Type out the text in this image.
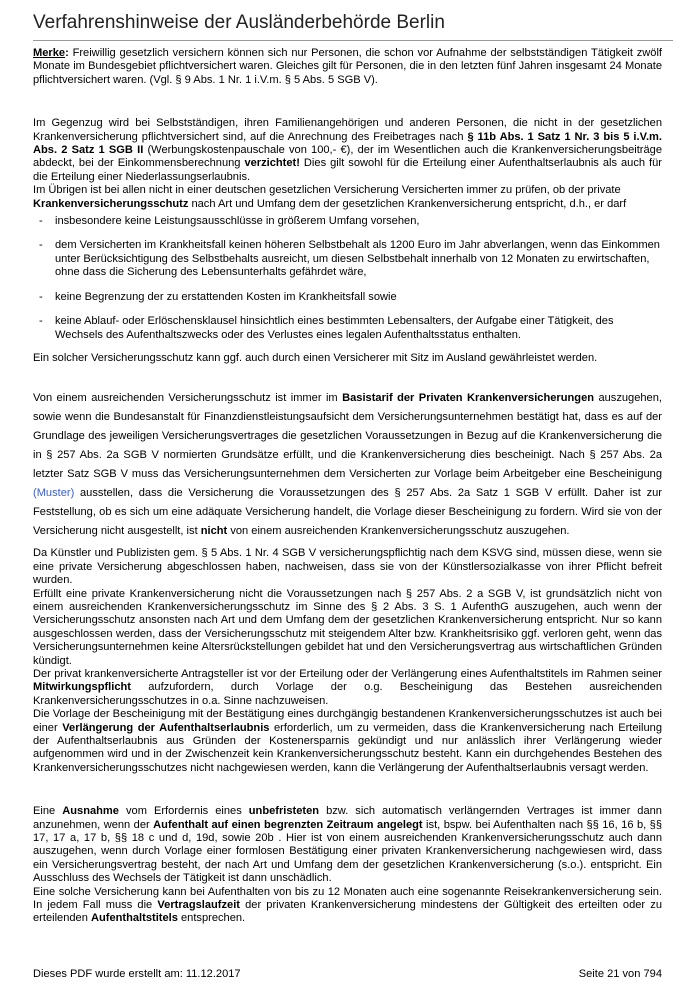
Verfahrenshinweise der Ausländerbehörde Berlin

Merke: Freiwillig gesetzlich versichern können sich nur Personen, die schon vor Aufnahme der selbstständigen Tätigkeit zwölf Monate im Bundesgebiet pflichtversichert waren. Gleiches gilt für Personen, die in den letzten fünf Jahren insgesamt 24 Monate pflichtversichert waren. (Vgl. § 9 Abs. 1 Nr. 1 i.V.m. § 5 Abs. 5 SGB V).

Im Gegenzug wird bei Selbstständigen, ihren Familienangehörigen und anderen Personen, die nicht in der gesetzlichen Krankenversicherung pflichtversichert sind, auf die Anrechnung des Freibetrages nach § 11b Abs. 1 Satz 1 Nr. 3 bis 5 i.V.m. Abs. 2 Satz 1 SGB II (Werbungskostenpauschale von 100,- €), der im Wesentlichen auch die Krankenversicherungsbeiträge abdeckt, bei der Einkommensberechnung verzichtet! Dies gilt sowohl für die Erteilung einer Aufenthaltserlaubnis als auch für die Erteilung einer Niederlassungserlaubnis.

Im Übrigen ist bei allen nicht in einer deutschen gesetzlichen Versicherung Versicherten immer zu prüfen, ob der private Krankenversicherungsschutz nach Art und Umfang dem der gesetzlichen Krankenversicherung entspricht, d.h., er darf

- insbesondere keine Leistungsausschlüsse in größerem Umfang vorsehen,
- dem Versicherten im Krankheitsfall keinen höheren Selbstbehalt als 1200 Euro im Jahr abverlangen, wenn das Einkommen unter Berücksichtigung des Selbstbehalts ausreicht, um diesen Selbstbehalt innerhalb von 12 Monaten zu erwirtschaften, ohne dass die Sicherung des Lebensunterhalts gefährdet wäre,
- keine Begrenzung der zu erstattenden Kosten im Krankheitsfall sowie
- keine Ablauf- oder Erlöschensklausel hinsichtlich eines bestimmten Lebensalters, der Aufgabe einer Tätigkeit, des Wechsels des Aufenthaltszwecks oder des Verlustes eines legalen Aufenthaltsstatus enthalten.

Ein solcher Versicherungsschutz kann ggf. auch durch einen Versicherer mit Sitz im Ausland gewährleistet werden.

Von einem ausreichenden Versicherungsschutz ist immer im Basistarif der Privaten Krankenversicherungen auszugehen, sowie wenn die Bundesanstalt für Finanzdienstleistungsaufsicht dem Versicherungsunternehmen bestätigt hat, dass es auf der Grundlage des jeweiligen Versicherungsvertrages die gesetzlichen Voraussetzungen in Bezug auf die Krankenversicherung die in § 257 Abs. 2a SGB V normierten Grundsätze erfüllt, und die Krankenversicherung dies bescheinigt. Nach § 257 Abs. 2a letzter Satz SGB V muss das Versicherungsunternehmen dem Versicherten zur Vorlage beim Arbeitgeber eine Bescheinigung (Muster) ausstellen, dass die Versicherung die Voraussetzungen des § 257 Abs. 2a Satz 1 SGB V erfüllt. Daher ist zur Feststellung, ob es sich um eine adäquate Versicherung handelt, die Vorlage dieser Bescheinigung zu fordern. Wird sie von der Versicherung nicht ausgestellt, ist nicht von einem ausreichenden Krankenversicherungsschutz auszugehen.

Da Künstler und Publizisten gem. § 5 Abs. 1 Nr. 4 SGB V versicherungspflichtig nach dem KSVG sind, müssen diese, wenn sie eine private Versicherung abgeschlossen haben, nachweisen, dass sie von der Künstlersozialkasse von ihrer Pflicht befreit wurden.

Erfüllt eine private Krankenversicherung nicht die Voraussetzungen nach § 257 Abs. 2 a SGB V, ist grundsätzlich nicht von einem ausreichenden Krankenversicherungsschutz im Sinne des § 2 Abs. 3 S. 1 AufenthG auszugehen, auch wenn der Versicherungsschutz ansonsten nach Art und dem Umfang dem der gesetzlichen Krankenversicherung entspricht. Nur so kann ausgeschlossen werden, dass der Versicherungsschutz mit steigendem Alter bzw. Krankheitsrisiko ggf. verloren geht, wenn das Versicherungsunternehmen keine Altersrückstellungen gebildet hat und den Versicherungsvertrag aus wirtschaftlichen Gründen kündigt.

Der privat krankenversicherte Antragsteller ist vor der Erteilung oder der Verlängerung eines Aufenthaltstitels im Rahmen seiner Mitwirkungspflicht aufzufordern, durch Vorlage der o.g. Bescheinigung das Bestehen ausreichenden Krankenversicherungsschutzes in o.a. Sinne nachzuweisen.

Die Vorlage der Bescheinigung mit der Bestätigung eines durchgängig bestandenen Krankenversicherungsschutzes ist auch bei einer Verlängerung der Aufenthaltserlaubnis erforderlich, um zu vermeiden, dass die Krankenversicherung nach Erteilung der Aufenthaltserlaubnis aus Gründen der Kostenersparnis gekündigt und nur anlässlich ihrer Verlängerung wieder aufgenommen wird und in der Zwischenzeit kein Krankenversicherungsschutz besteht. Kann ein durchgehendes Bestehen des Krankenversicherungsschutzes nicht nachgewiesen werden, kann die Verlängerung der Aufenthaltserlaubnis versagt werden.

Eine Ausnahme vom Erfordernis eines unbefristeten bzw. sich automatisch verlängernden Vertrages ist immer dann anzunehmen, wenn der Aufenthalt auf einen begrenzten Zeitraum angelegt ist, bspw. bei Aufenthalten nach §§ 16, 16 b, §§ 17, 17 a, 17 b, §§ 18 c und d, 19d, sowie 20b . Hier ist von einem ausreichenden Krankenversicherungsschutz auch dann auszugehen, wenn durch Vorlage einer formlosen Bestätigung einer privaten Krankenversicherung nachgewiesen wird, dass ein Versicherungsvertrag besteht, der nach Art und Umfang dem der gesetzlichen Krankenversicherung (s.o.). entspricht. Ein Ausschluss des Wechsels der Tätigkeit ist dann unschädlich.

Eine solche Versicherung kann bei Aufenthalten von bis zu 12 Monaten auch eine sogenannte Reisekrankenversicherung sein. In jedem Fall muss die Vertragslaufzeit der privaten Krankenversicherung mindestens der Gültigkeit des erteilten oder zu erteilenden Aufenthaltstitels entsprechen.

Dieses PDF wurde erstellt am: 11.12.2017	Seite 21 von 794
